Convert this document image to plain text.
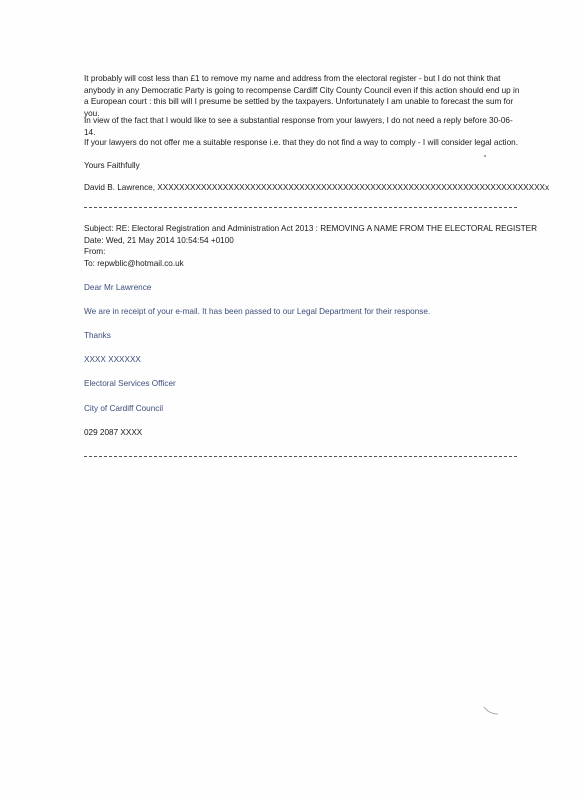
It probably will cost less than £1 to remove my name and address from the electoral register - but I do not think that anybody in any Democratic Party is going to recompense Cardiff City County Council even if this action should end up in a European court : this bill will I presume be settled by the taxpayers. Unfortunately I am unable to forecast the sum for you.
In view of the fact that I would like to see a substantial response from your lawyers, I do not need a reply before 30-06-14.
If your lawyers do not offer me a suitable response i.e. that they do not find a way to comply - I will consider legal action.
Yours Faithfully
David B. Lawrence, XXXXXXXXXXXXXXXXXXXXXXXXXXXXXXXXXXXXXXXXXXXXXXXXXXXXXXXXXXXXXXXXXXXXXXXx
Subject: RE: Electoral Registration and Administration Act 2013 : REMOVING A NAME FROM THE ELECTORAL REGISTER
Date: Wed, 21 May 2014 10:54:54 +0100
From:
To: repwblic@hotmail.co.uk
Dear Mr Lawrence
We are in receipt of your e-mail. It has been passed to our Legal Department for their response.
Thanks
XXXX XXXXXX
Electoral Services Officer
City of Cardiff Council
029 2087 XXXX
